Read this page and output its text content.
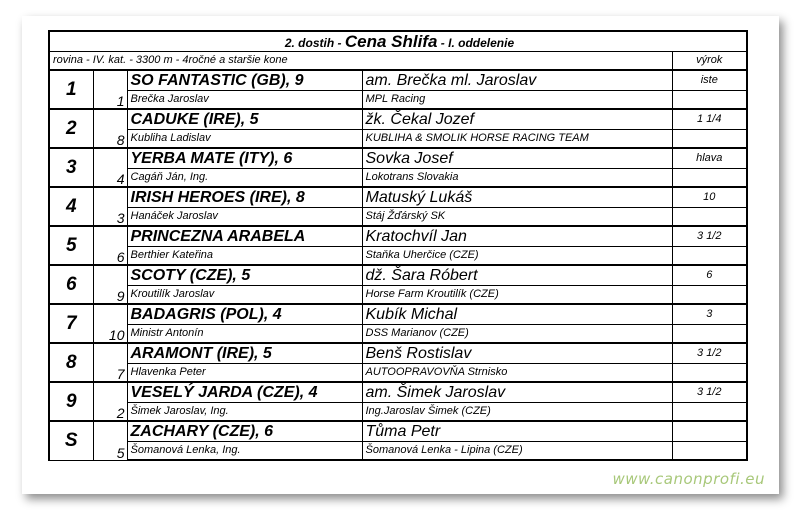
2. dostih - Cena Shlifa - I. oddelenie				
rovina - IV. kat. - 3300 m - 4ročné a staršie kone				výrok
1	1	SO FANTASTIC (GB), 9	am. Brečka ml. Jaroslav	iste
		Brečka Jaroslav	MPL Racing	
2	8	CADUKE (IRE), 5	žk. Čekal Jozef	1 1/4
		Kubliha Ladislav	KUBLIHA & SMOLIK HORSE RACING TEAM	
3	4	YERBA MATE (ITY), 6	Sovka Josef	hlava
		Cagáň Ján, Ing.	Lokotrans Slovakia	
4	3	IRISH HEROES (IRE), 8	Matuský Lukáš	10
		Hanáček Jaroslav	Stáj Žďárský SK	
5	6	PRINCEZNA ARABELA	Kratochvíl Jan	3 1/2
		Berthier Kateřina	Staňka Uherčice (CZE)	
6	9	SCOTY (CZE), 5	dž. Šara Róbert	6
		Kroutilík Jaroslav	Horse Farm Kroutilík (CZE)	
7	10	BADAGRIS (POL), 4	Kubík Michal	3
		Ministr Antonín	DSS Marianov (CZE)	
8	7	ARAMONT (IRE), 5	Benš Rostislav	3 1/2
		Hlavenka Peter	AUTOOPRAVOVŇA Strnisko	
9	2	VESELÝ JARDA (CZE), 4	am. Šimek Jaroslav	3 1/2
		Šimek Jaroslav, Ing.	Ing.Jaroslav Šimek (CZE)	
S	5	ZACHARY (CZE), 6	Tůma Petr	
		Šomanová Lenka, Ing.	Šomanová Lenka - Lipina (CZE)	
www.canonprofi.eu
